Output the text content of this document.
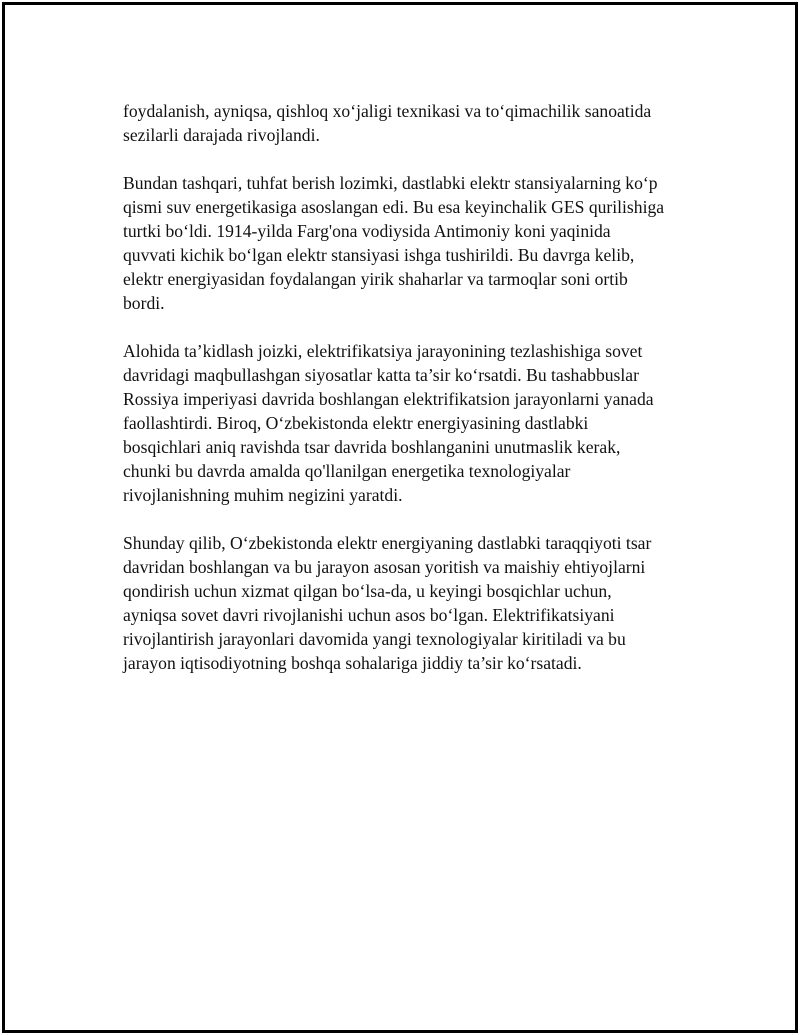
foydalanish, ayniqsa, qishloq xo‘jaligi texnikasi va to‘qimachilik sanoatida
sezilarli darajada rivojlandi.

Bundan tashqari, tuhfat berish lozimki, dastlabki elektr stansiyalarning ko‘p
qismi suv energetikasiga asoslangan edi. Bu esa keyinchalik GES qurilishiga
turtki bo‘ldi. 1914-yilda Farg'ona vodiysida Antimoniy koni yaqinida
quvvati kichik bo‘lgan elektr stansiyasi ishga tushirildi. Bu davrga kelib,
elektr energiyasidan foydalangan yirik shaharlar va tarmoqlar soni ortib
bordi.

Alohida ta’kidlash joizki, elektrifikatsiya jarayonining tezlashishiga sovet
davridagi maqbullashgan siyosatlar katta ta’sir ko‘rsatdi. Bu tashabbuslar
Rossiya imperiyasi davrida boshlangan elektrifikatsion jarayonlarni yanada
faollashtirdi. Biroq, O‘zbekistonda elektr energiyasining dastlabki
bosqichlari aniq ravishda tsar davrida boshlanganini unutmaslik kerak,
chunki bu davrda amalda qo'llanilgan energetika texnologiyalar
rivojlanishning muhim negizini yaratdi.

Shunday qilib, O‘zbekistonda elektr energiyaning dastlabki taraqqiyoti tsar
davridan boshlangan va bu jarayon asosan yoritish va maishiy ehtiyojlarni
qondirish uchun xizmat qilgan bo‘lsa-da, u keyingi bosqichlar uchun,
ayniqsa sovet davri rivojlanishi uchun asos bo‘lgan. Elektrifikatsiyani
rivojlantirish jarayonlari davomida yangi texnologiyalar kiritiladi va bu
jarayon iqtisodiyotning boshqa sohalariga jiddiy ta’sir ko‘rsatadi.
